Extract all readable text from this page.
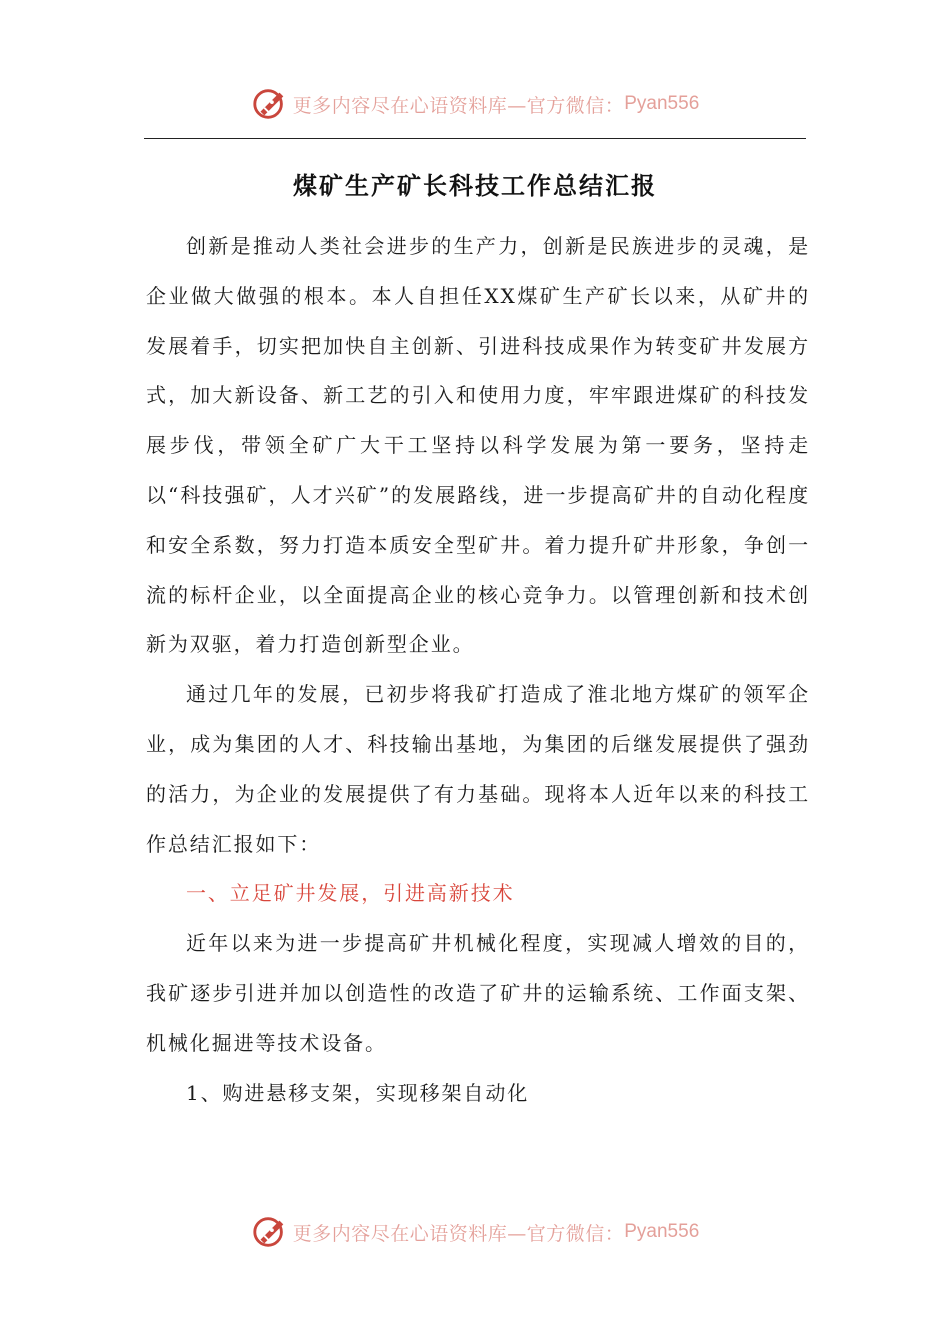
更多内容尽在心语资料库—官方微信： Pyan556
煤矿生产矿长科技工作总结汇报

创新是推动人类社会进步的生产力，创新是民族进步的灵魂，是企业做大做强的根本。本人自担任XX煤矿生产矿长以来，从矿井的发展着手，切实把加快自主创新、引进科技成果作为转变矿井发展方式，加大新设备、新工艺的引入和使用力度，牢牢跟进煤矿的科技发展步伐，带领全矿广大干工坚持以科学发展为第一要务，坚持走以“科技强矿，人才兴矿”的发展路线，进一步提高矿井的自动化程度和安全系数，努力打造本质安全型矿井。着力提升矿井形象，争创一流的标杆企业，以全面提高企业的核心竞争力。以管理创新和技术创新为双驱，着力打造创新型企业。

通过几年的发展，已初步将我矿打造成了淮北地方煤矿的领军企业，成为集团的人才、科技输出基地，为集团的后继发展提供了强劲的活力，为企业的发展提供了有力基础。现将本人近年以来的科技工作总结汇报如下：

一、立足矿井发展，引进高新技术

近年以来为进一步提高矿井机械化程度，实现减人增效的目的，我矿逐步引进并加以创造性的改造了矿井的运输系统、工作面支架、机械化掘进等技术设备。

1、购进悬移支架，实现移架自动化

更多内容尽在心语资料库—官方微信： Pyan556
